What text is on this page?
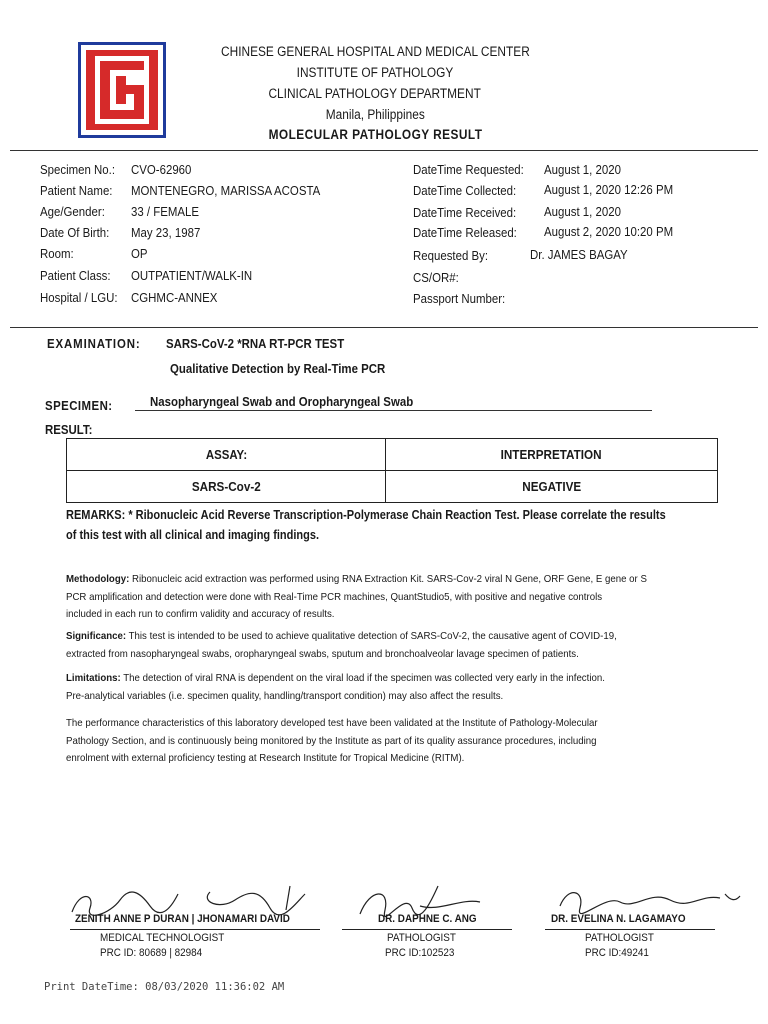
CHINESE GENERAL HOSPITAL AND MEDICAL CENTER
INSTITUTE OF PATHOLOGY
CLINICAL PATHOLOGY DEPARTMENT
Manila, Philippines
MOLECULAR PATHOLOGY RESULT
Specimen No.: CVO-62960
Patient Name: MONTENEGRO, MARISSA ACOSTA
Age/Gender: 33 / FEMALE
Date Of Birth: May 23, 1987
Room:	OP
Patient Class: OUTPATIENT/WALK-IN
Hospital / LGU: CGHMC-ANNEX
DateTime Requested: August 1, 2020
DateTime Collected: August 1, 2020 12:26 PM
DateTime Received: August 1, 2020
DateTime Released: August 2, 2020 10:20 PM
Requested By:	Dr. JAMES BAGAY
CS/OR#:
Passport Number:
EXAMINATION: SARS-CoV-2 *RNA RT-PCR TEST
Qualitative Detection by Real-Time PCR
SPECIMEN:	Nasopharyngeal Swab and Oropharyngeal Swab
RESULT:
ASSAY:	INTERPRETATION
SARS-Cov-2	NEGATIVE
REMARKS: * Ribonucleic Acid Reverse Transcription-Polymerase Chain Reaction Test. Please correlate the results
of this test with all clinical and imaging findings.

Methodology: Ribonucleic acid extraction was performed using RNA Extraction Kit. SARS-Cov-2 viral N Gene, ORF Gene, E gene or S

PCR amplification and detection were done with Real-Time PCR machines, QuantStudio5, with positive and negative controls

included in each run to confirm validity and accuracy of results.

Significance: This test is intended to be used to achieve qualitative detection of SARS-CoV-2, the causative agent of COVID-19,

extracted from nasopharyngeal swabs, oropharyngeal swabs, sputum and bronchoalveolar lavage specimen of patients.

Limitations: The detection of viral RNA is dependent on the viral load if the specimen was collected very early in the infection.

Pre-analytical variables (i.e. specimen quality, handling/transport condition) may also affect the results.

The performance characteristics of this laboratory developed test have been validated at the Institute of Pathology-Molecular

Pathology Section, and is continuously being monitored by the Institute as part of its quality assurance procedures, including

enrolment with external proficiency testing at Research Institute for Tropical Medicine (RITM).

ZENITH ANNE P DURAN | JHONAMARI DAVID
MEDICAL TECHNOLOGIST
PRC ID: 80689 | 82984
DR. DAPHNE C. ANG
PATHOLOGIST
PRC ID:102523
DR. EVELINA N. LAGAMAYO
PATHOLOGIST
PRC ID:49241
Print DateTime: 08/03/2020 11:36:02 AM
